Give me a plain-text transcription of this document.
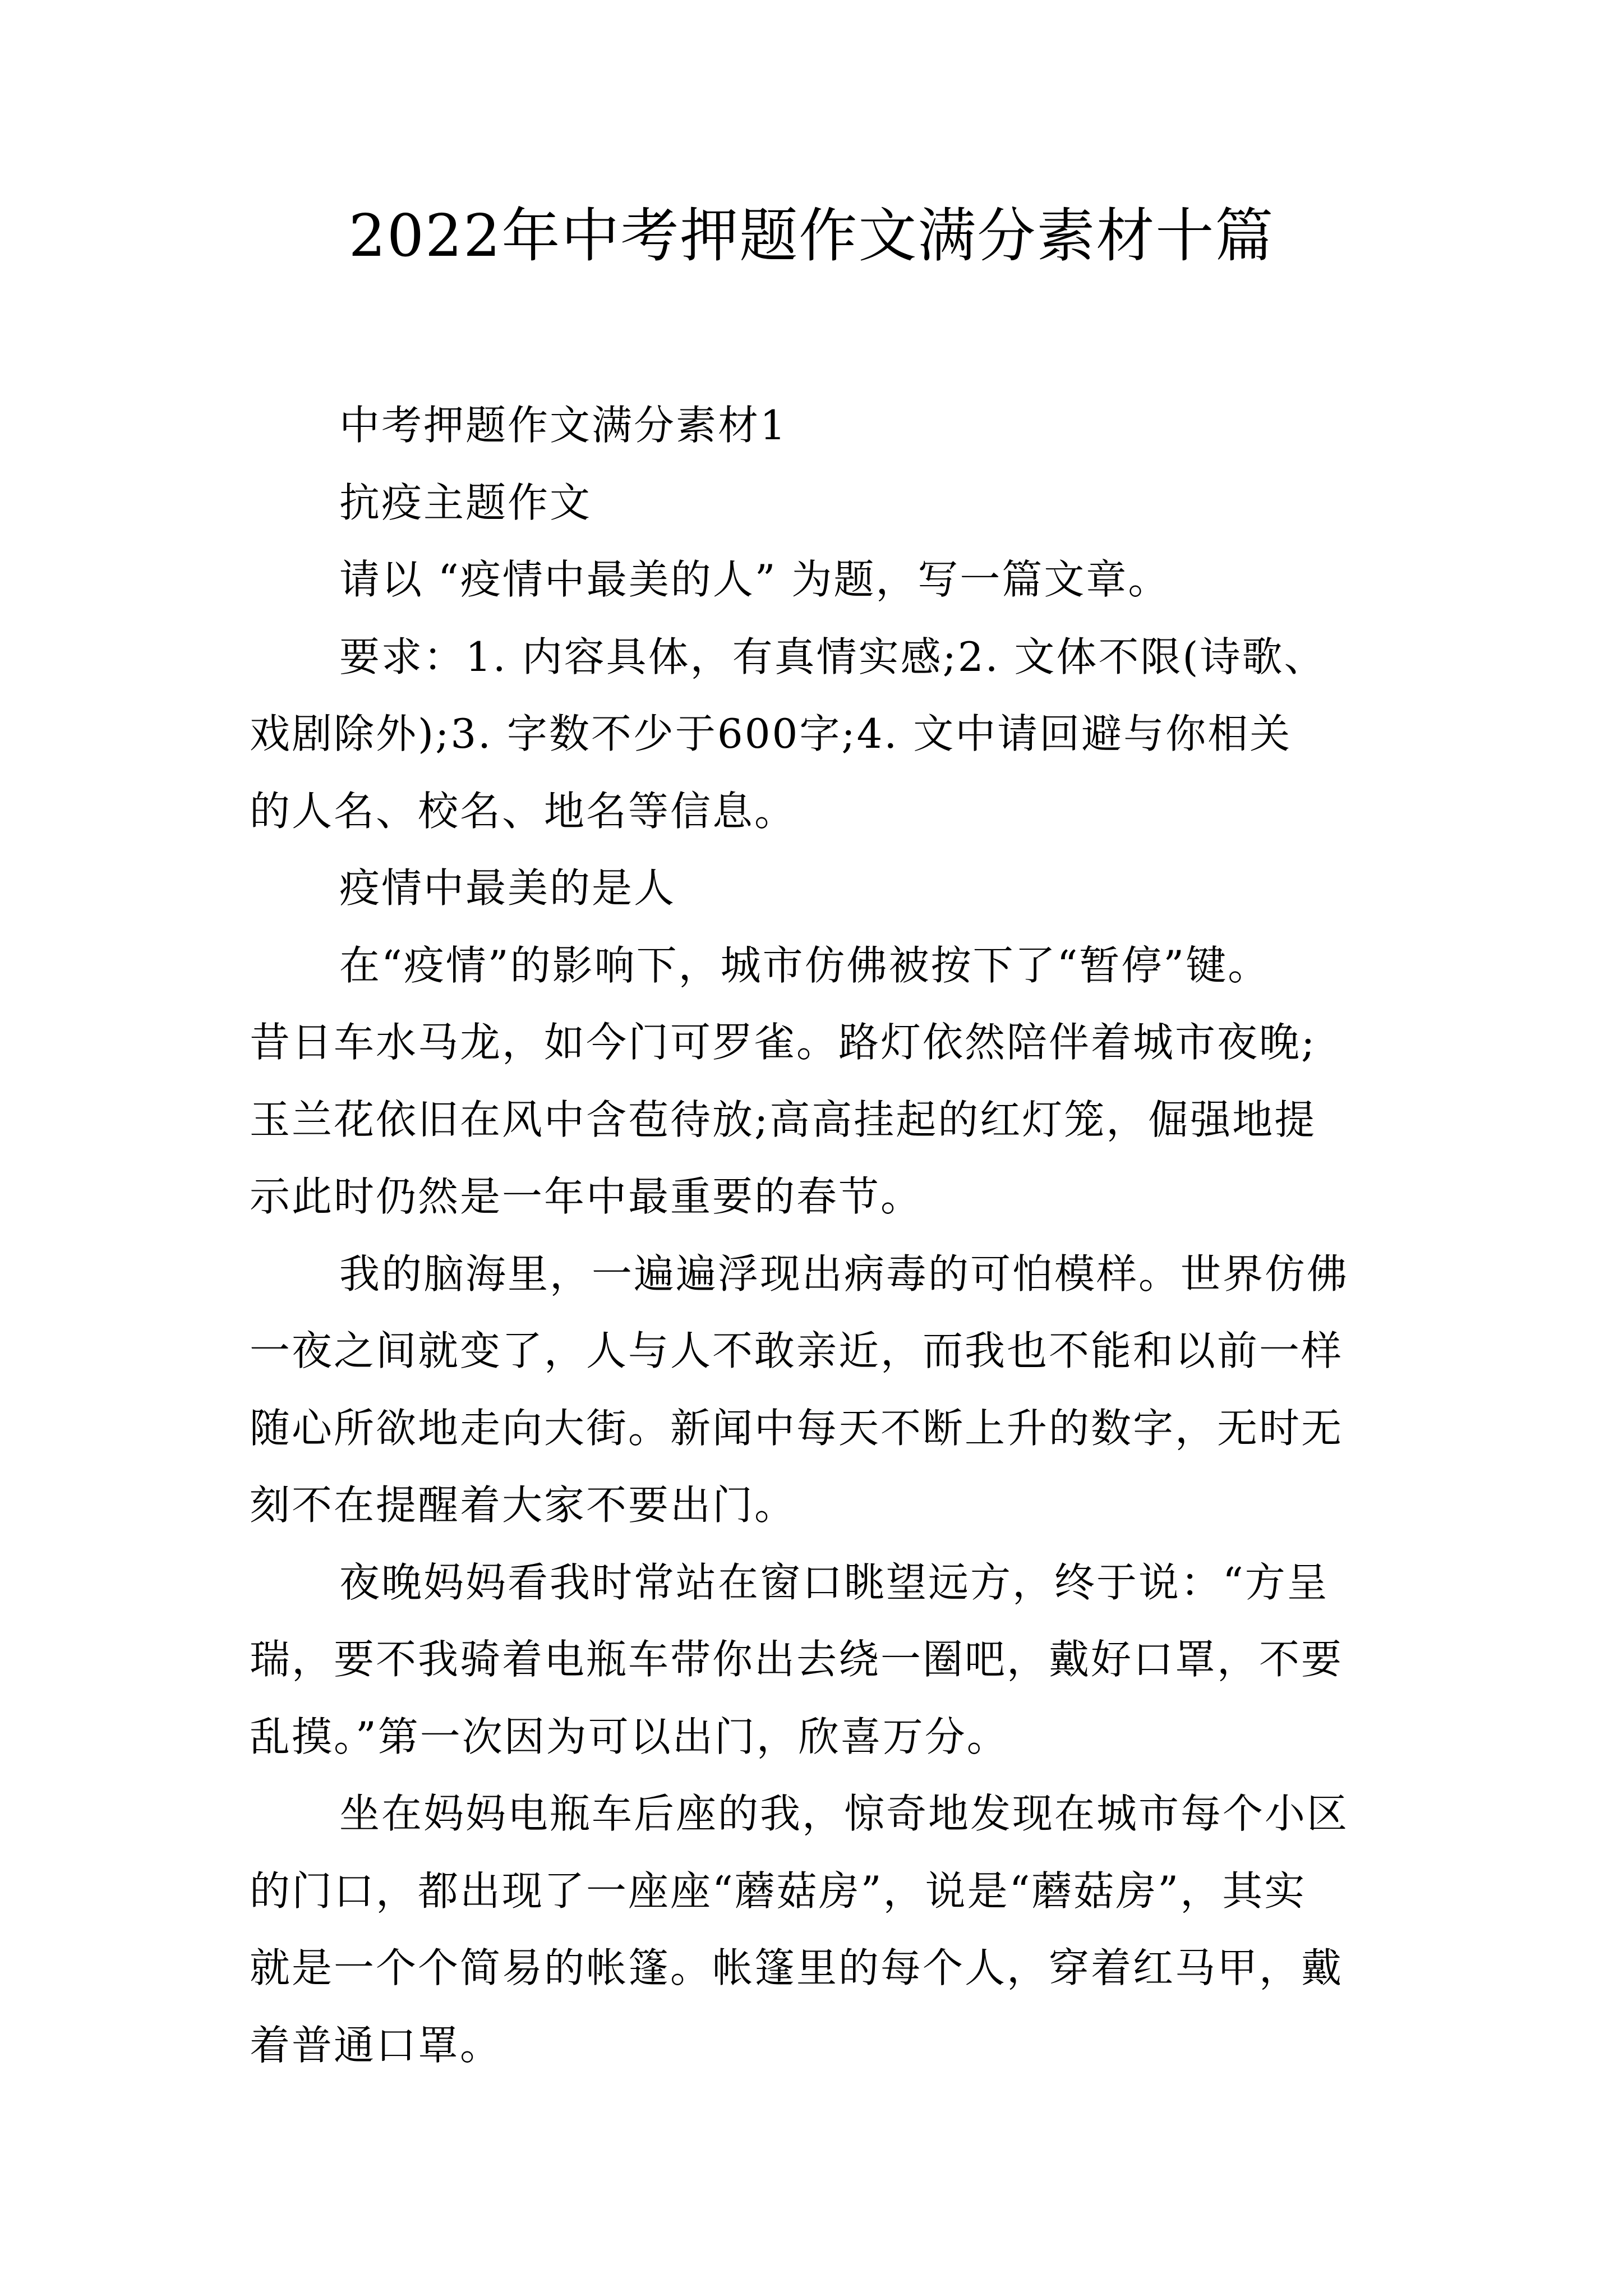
2022年中考押题作文满分素材十篇

中考押题作文满分素材1

抗疫主题作文

请以 “疫情中最美的人” 为题，写一篇文章。

要求：1. 内容具体，有真情实感;2. 文体不限(诗歌、

戏剧除外);3. 字数不少于600字;4. 文中请回避与你相关

的人名、校名、地名等信息。

疫情中最美的是人

在“疫情”的影响下，城市仿佛被按下了“暂停”键。

昔日车水马龙，如今门可罗雀。路灯依然陪伴着城市夜晚;

玉兰花依旧在风中含苞待放;高高挂起的红灯笼，倔强地提

示此时仍然是一年中最重要的春节。

我的脑海里，一遍遍浮现出病毒的可怕模样。世界仿佛

一夜之间就变了，人与人不敢亲近，而我也不能和以前一样

随心所欲地走向大街。新闻中每天不断上升的数字，无时无

刻不在提醒着大家不要出门。

夜晚妈妈看我时常站在窗口眺望远方，终于说：“方呈

瑞，要不我骑着电瓶车带你出去绕一圈吧，戴好口罩，不要

乱摸。”第一次因为可以出门，欣喜万分。

坐在妈妈电瓶车后座的我，惊奇地发现在城市每个小区

的门口，都出现了一座座“蘑菇房”，说是“蘑菇房”，其实

就是一个个简易的帐篷。帐篷里的每个人，穿着红马甲，戴

着普通口罩。
